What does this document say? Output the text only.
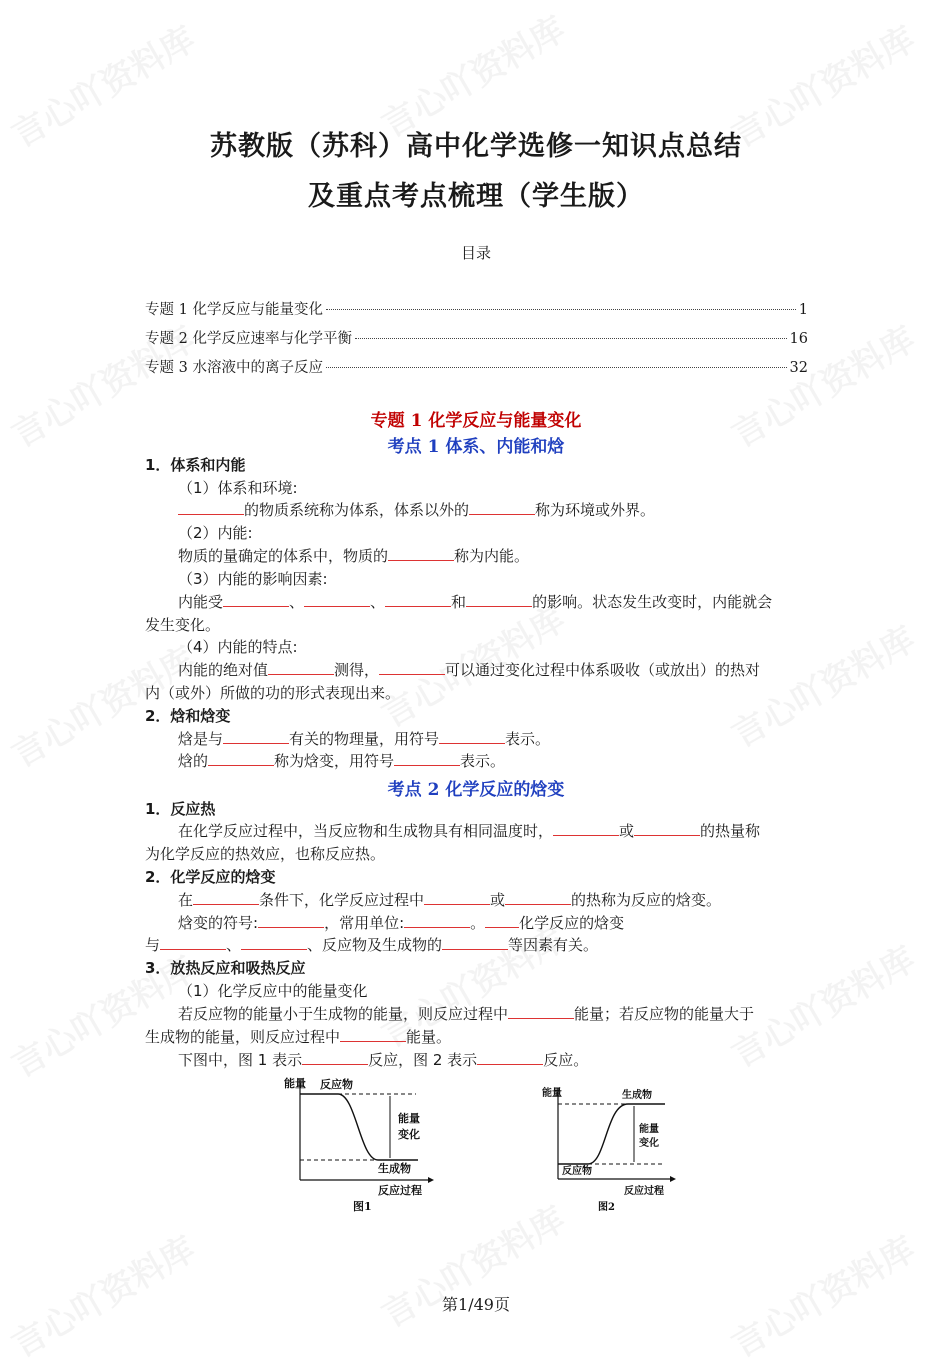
苏教版（苏科）高中化学选修一知识点总结
及重点考点梳理（学生版）
目录
专题 1 化学反应与能量变化	1
专题 2 化学反应速率与化学平衡	16
专题 3 水溶液中的离子反应	32
专题 1 化学反应与能量变化
考点 1 体系、内能和焓
1．体系和内能
（1）体系和环境:
的物质系统称为体系，体系以外的	称为环境或外界。
（2）内能:
物质的量确定的体系中，物质的	称为内能。
（3）内能的影响因素:
内能受	、	、	和	的影响。状态发生改变时，内能就会
发生变化。
（4）内能的特点:
内能的绝对值	测得，	可以通过变化过程中体系吸收（或放出）的热对
内（或外）所做的功的形式表现出来。
2．焓和焓变
焓是与	有关的物理量，用符号	表示。
焓的	称为焓变，用符号	表示。
考点 2 化学反应的焓变
1．反应热
在化学反应过程中，当反应物和生成物具有相同温度时，	或	的热量称
为化学反应的热效应，也称反应热。
2．化学反应的焓变
在	条件下，化学反应过程中	或	的热称为反应的焓变。
焓变的符号:	，常用单位:	。 化学反应的焓变
与	、	、反应物及生成物的	等因素有关。
3．放热反应和吸热反应
（1）化学反应中的能量变化
若反应物的能量小于生成物的能量，则反应过程中	能量；若反应物的能量大于
生成物的能量，则反应过程中	能量。
下图中，图 1 表示	反应，图 2 表示	反应。
能量 反应物
能量
变化
生成物
反应过程
图1
能量	生成物
能量
变化
反应物
反应过程
图2
第1/49页
